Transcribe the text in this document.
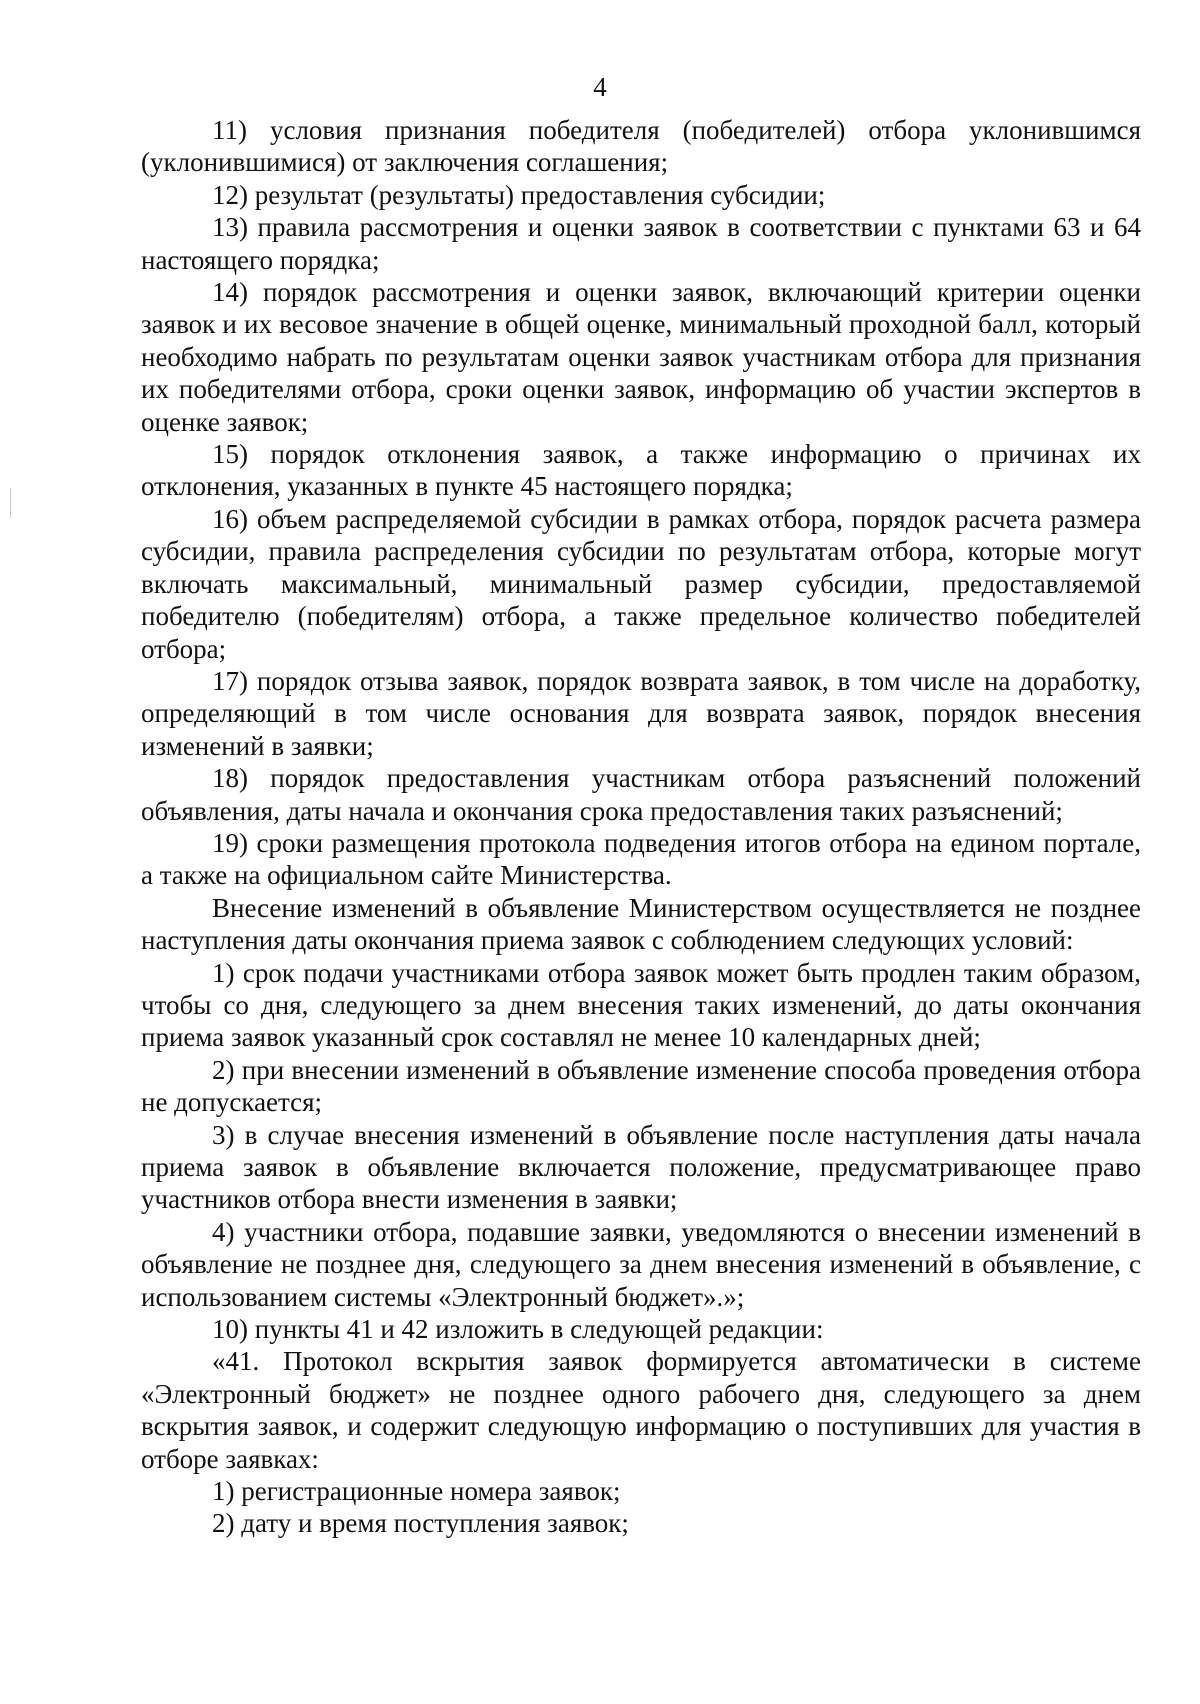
4

11) условия признания победителя (победителей) отбора уклонившимся (уклонившимися) от заключения соглашения;

12) результат (результаты) предоставления субсидии;

13) правила рассмотрения и оценки заявок в соответствии с пунктами 63 и 64 настоящего порядка;

14) порядок рассмотрения и оценки заявок, включающий критерии оценки заявок и их весовое значение в общей оценке, минимальный проходной балл, который необходимо набрать по результатам оценки заявок участникам отбора для признания их победителями отбора, сроки оценки заявок, информацию об участии экспертов в оценке заявок;

15) порядок отклонения заявок, а также информацию о причинах их отклонения, указанных в пункте 45 настоящего порядка;

16) объем распределяемой субсидии в рамках отбора, порядок расчета размера субсидии, правила распределения субсидии по результатам отбора, которые могут включать максимальный, минимальный размер субсидии, предоставляемой победителю (победителям) отбора, а также предельное количество победителей отбора;

17) порядок отзыва заявок, порядок возврата заявок, в том числе на доработку, определяющий в том числе основания для возврата заявок, порядок внесения изменений в заявки;

18) порядок предоставления участникам отбора разъяснений положений объявления, даты начала и окончания срока предоставления таких разъяснений;

19) сроки размещения протокола подведения итогов отбора на едином портале, а также на официальном сайте Министерства.

Внесение изменений в объявление Министерством осуществляется не позднее наступления даты окончания приема заявок с соблюдением следующих условий:

1) срок подачи участниками отбора заявок может быть продлен таким образом, чтобы со дня, следующего за днем внесения таких изменений, до даты окончания приема заявок указанный срок составлял не менее 10 календарных дней;

2) при внесении изменений в объявление изменение способа проведения отбора не допускается;

3) в случае внесения изменений в объявление после наступления даты начала приема заявок в объявление включается положение, предусматривающее право участников отбора внести изменения в заявки;

4) участники отбора, подавшие заявки, уведомляются о внесении изменений в объявление не позднее дня, следующего за днем внесения изменений в объявление, с использованием системы «Электронный бюджет».»;

10) пункты 41 и 42 изложить в следующей редакции:

«41. Протокол вскрытия заявок формируется автоматически в системе «Электронный бюджет» не позднее одного рабочего дня, следующего за днем вскрытия заявок, и содержит следующую информацию о поступивших для участия в отборе заявках:

1) регистрационные номера заявок;

2) дату и время поступления заявок;
